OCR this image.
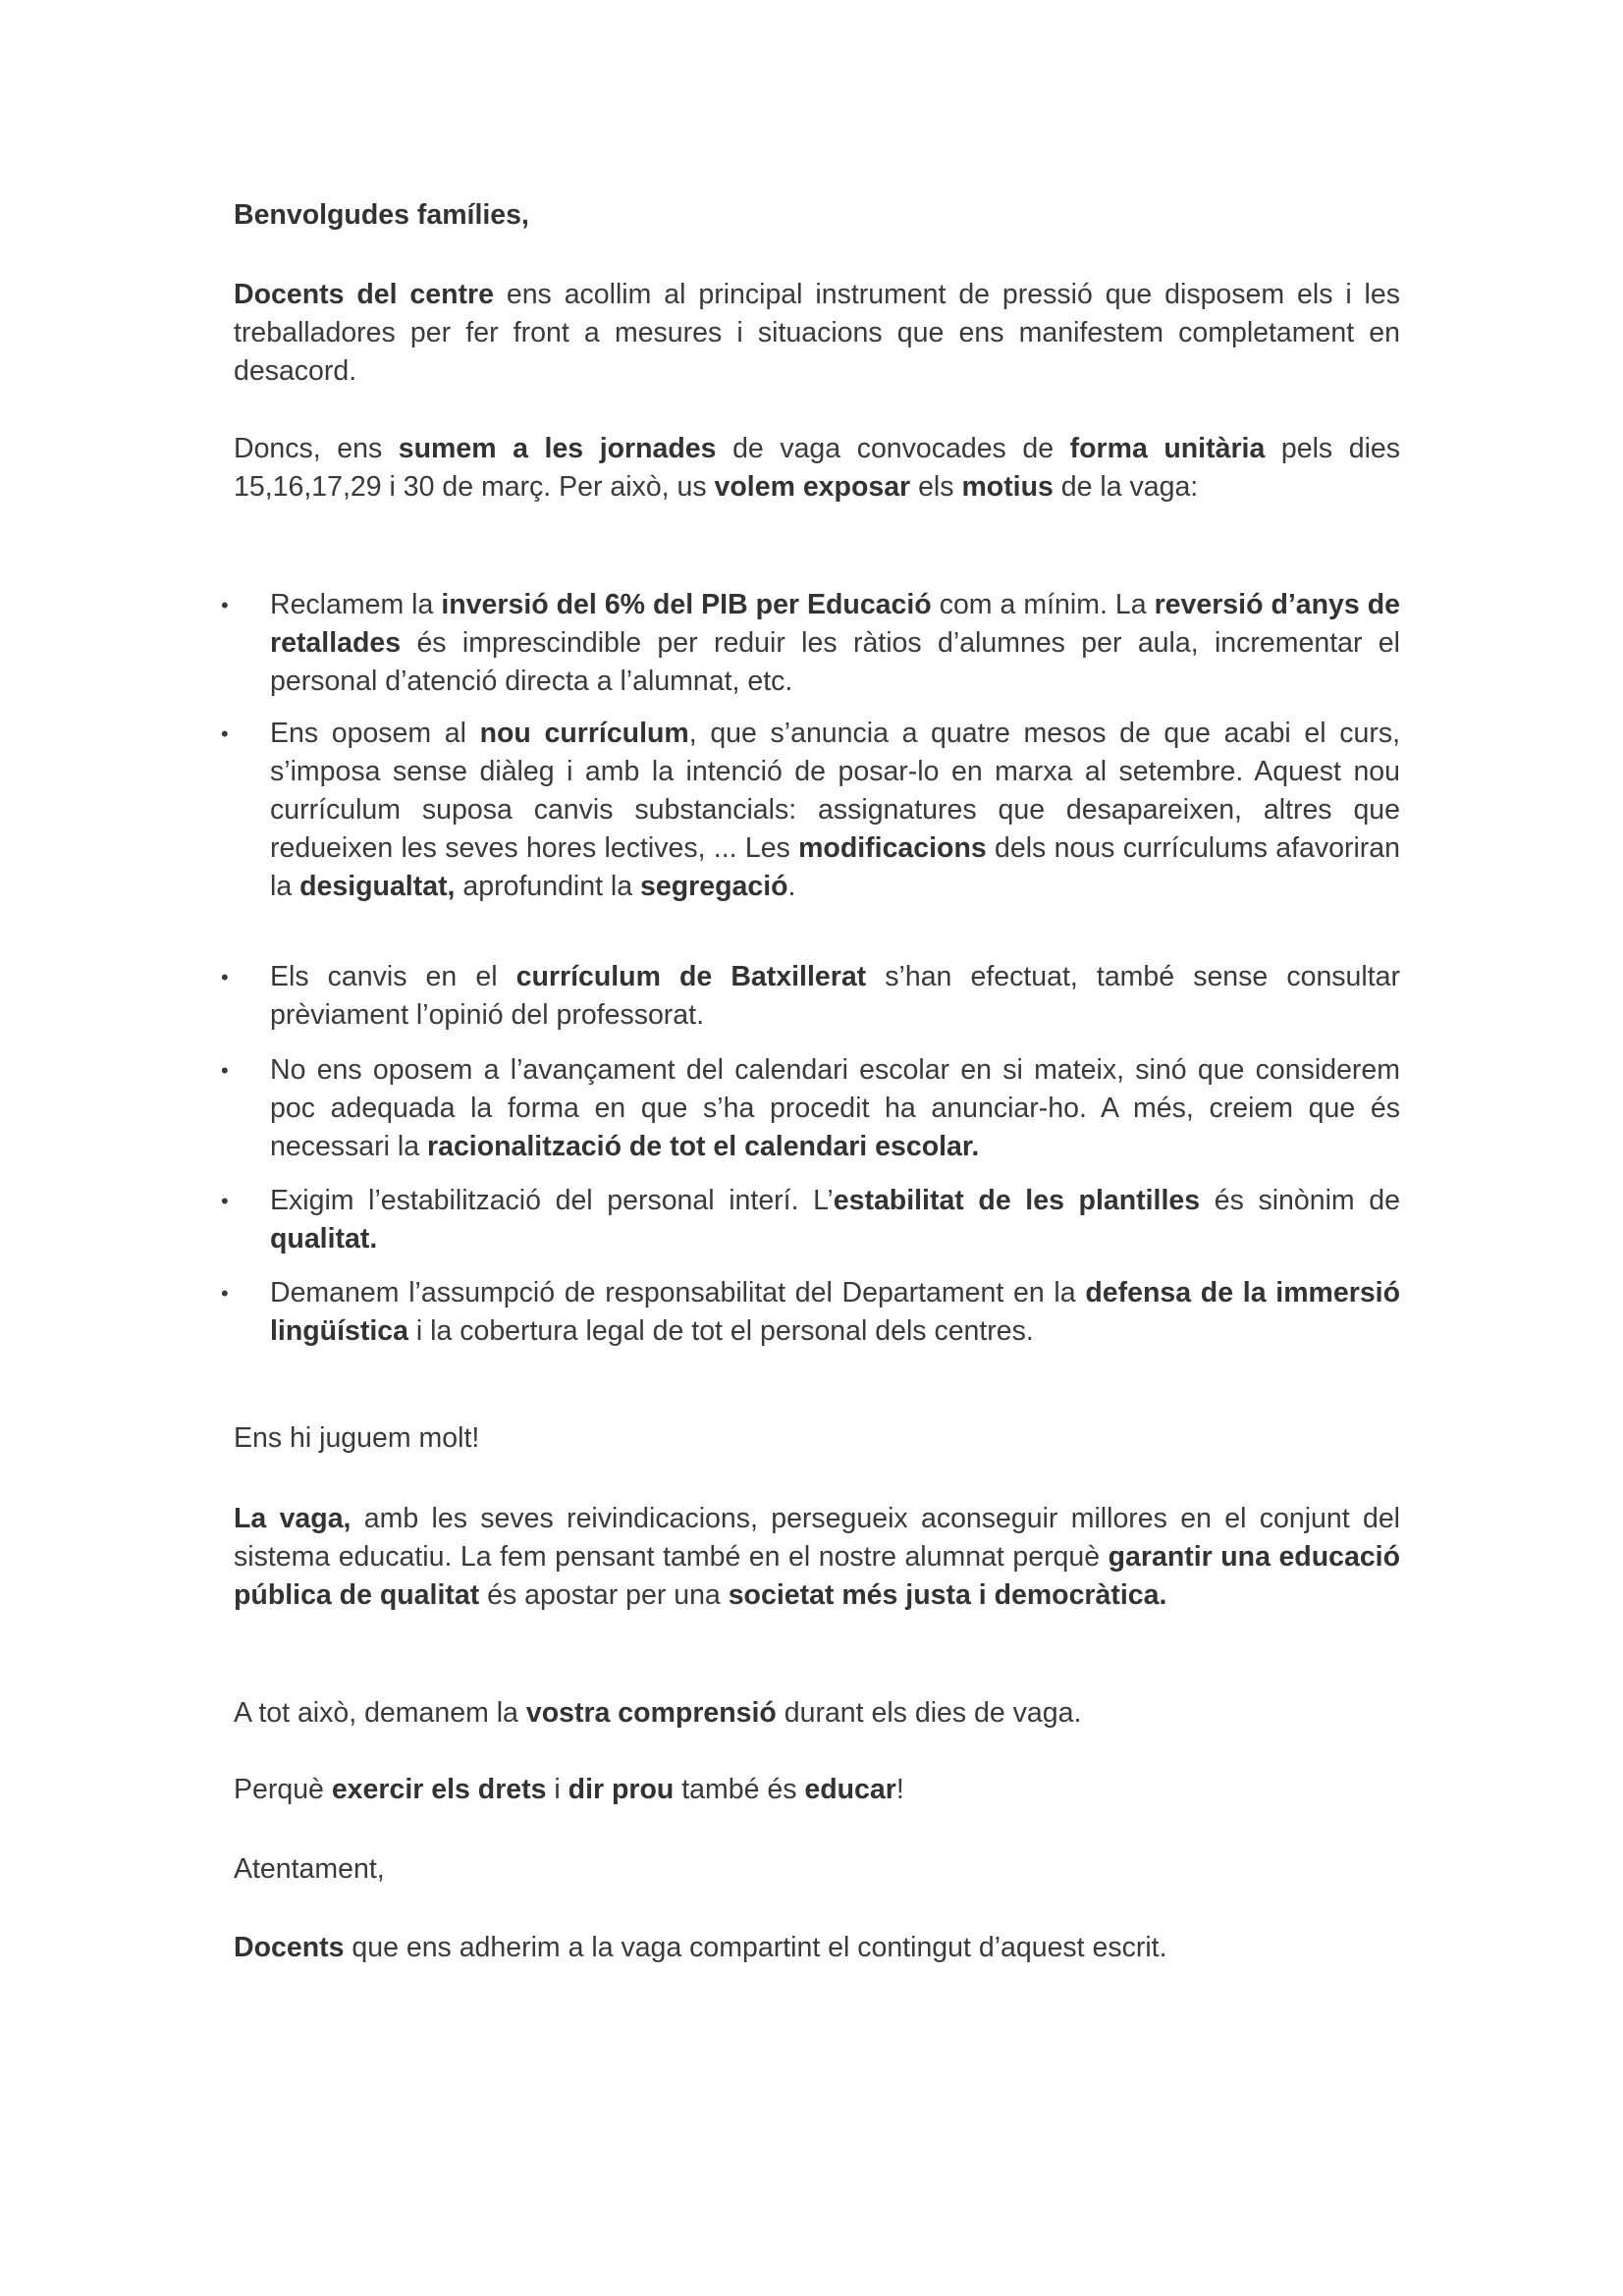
Benvolgudes famílies,

Docents del centre ens acollim al principal instrument de pressió que disposem els i les treballadores per fer front a mesures i situacions que ens manifestem completament en desacord.

Doncs, ens sumem a les jornades de vaga convocades de forma unitària pels dies 15,16,17,29 i 30 de març. Per això, us volem exposar els motius de la vaga:

• Reclamem la inversió del 6% del PIB per Educació com a mínim. La reversió d’anys de retallades és imprescindible per reduir les ràtios d’alumnes per aula, incrementar el personal d’atenció directa a l’alumnat, etc.
• Ens oposem al nou currículum, que s’anuncia a quatre mesos de que acabi el curs, s’imposa sense diàleg i amb la intenció de posar-lo en marxa al setembre. Aquest nou currículum suposa canvis substancials: assignatures que desapareixen, altres que redueixen les seves hores lectives, ... Les modificacions dels nous currículums afavoriran la desigualtat, aprofundint la segregació.
• Els canvis en el currículum de Batxillerat s’han efectuat, també sense consultar prèviament l’opinió del professorat.
• No ens oposem a l’avançament del calendari escolar en si mateix, sinó que considerem poc adequada la forma en que s’ha procedit ha anunciar-ho. A més, creiem que és necessari la racionalització de tot el calendari escolar.
• Exigim l’estabilització del personal interí. L’estabilitat de les plantilles és sinònim de qualitat.
• Demanem l’assumpció de responsabilitat del Departament en la defensa de la immersió lingüística i la cobertura legal de tot el personal dels centres.

Ens hi juguem molt!

La vaga, amb les seves reivindicacions, persegueix aconseguir millores en el conjunt del sistema educatiu. La fem pensant també en el nostre alumnat perquè garantir una educació pública de qualitat és apostar per una societat més justa i democràtica.

A tot això, demanem la vostra comprensió durant els dies de vaga.

Perquè exercir els drets i dir prou també és educar!

Atentament,

Docents que ens adherim a la vaga compartint el contingut d’aquest escrit.
